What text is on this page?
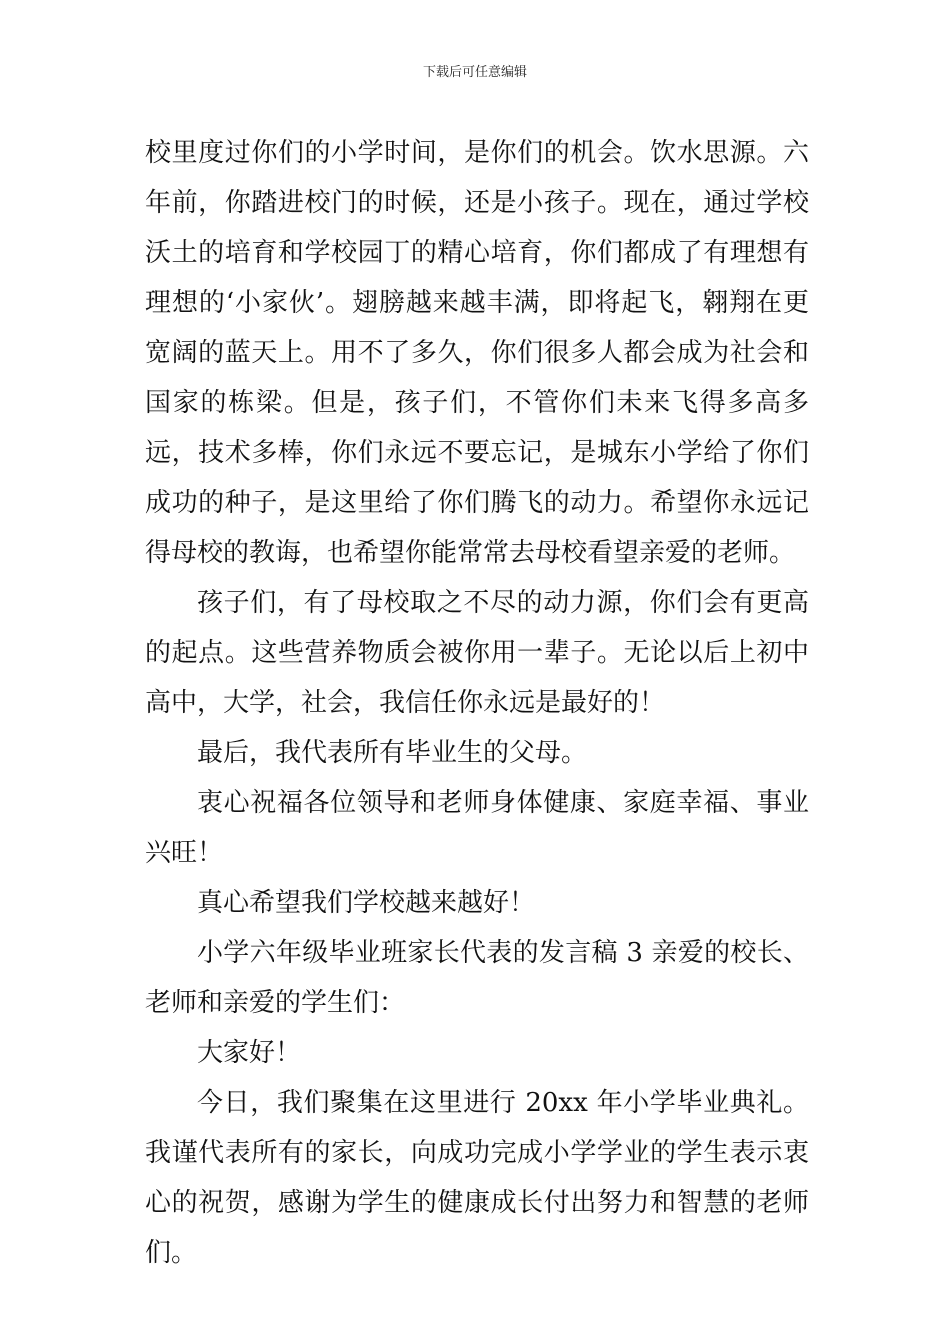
下载后可任意编辑

校里度过你们的小学时间，是你们的机会。饮水思源。六年前，你踏进校门的时候，还是小孩子。现在，通过学校沃土的培育和学校园丁的精心培育，你们都成了有理想有理想的‘小家伙’。翅膀越来越丰满，即将起飞，翱翔在更宽阔的蓝天上。用不了多久，你们很多人都会成为社会和国家的栋梁。但是，孩子们，不管你们未来飞得多高多远，技术多棒，你们永远不要忘记，是城东小学给了你们成功的种子，是这里给了你们腾飞的动力。希望你永远记得母校的教诲，也希望你能常常去母校看望亲爱的老师。

孩子们，有了母校取之不尽的动力源，你们会有更高的起点。这些营养物质会被你用一辈子。无论以后上初中高中，大学，社会，我信任你永远是最好的！

最后，我代表所有毕业生的父母。

衷心祝福各位领导和老师身体健康、家庭幸福、事业兴旺！

真心希望我们学校越来越好！

小学六年级毕业班家长代表的发言稿 3 亲爱的校长、老师和亲爱的学生们：

大家好！

今日，我们聚集在这里进行 20xx 年小学毕业典礼。我谨代表所有的家长，向成功完成小学学业的学生表示衷心的祝贺，感谢为学生的健康成长付出努力和智慧的老师们。
